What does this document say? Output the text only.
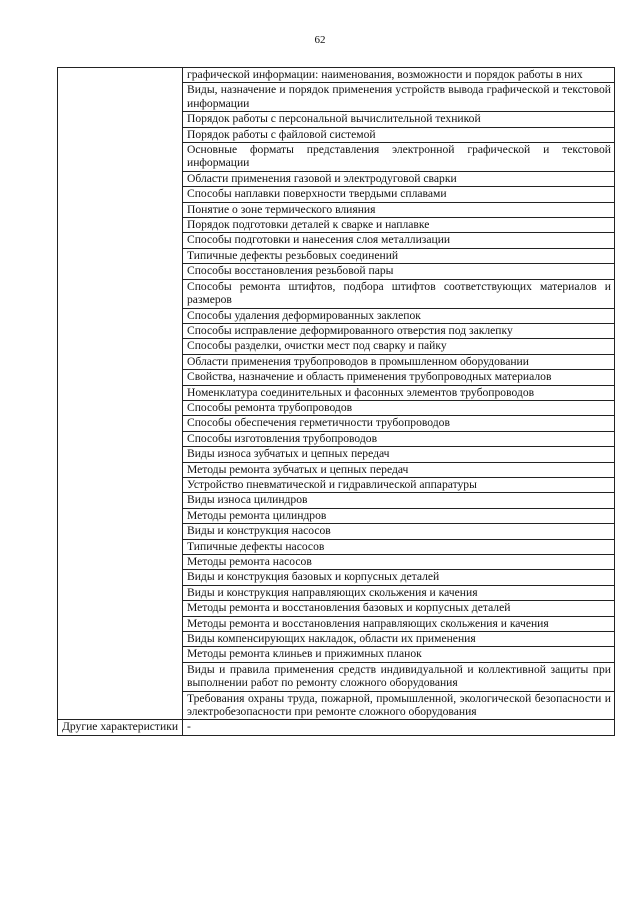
62
	графической информации: наименования, возможности и порядок работы в них
	Виды, назначение и порядок применения устройств вывода графической и текстовой информации
	Порядок работы с персональной вычислительной техникой
	Порядок работы с файловой системой
	Основные форматы представления электронной графической и текстовой информации
	Области применения газовой и электродуговой сварки
	Способы наплавки поверхности твердыми сплавами
	Понятие о зоне термического влияния
	Порядок подготовки деталей к сварке и наплавке
	Способы подготовки и нанесения слоя металлизации
	Типичные дефекты резьбовых соединений
	Способы восстановления резьбовой пары
	Способы ремонта штифтов, подбора штифтов соответствующих материалов и размеров
	Способы удаления деформированных заклепок
	Способы исправление деформированного отверстия под заклепку
	Способы разделки, очистки мест под сварку и пайку
	Области применения трубопроводов в промышленном оборудовании
	Свойства, назначение и область применения трубопроводных материалов
	Номенклатура соединительных и фасонных элементов трубопроводов
	Способы ремонта трубопроводов
	Способы обеспечения герметичности трубопроводов
	Способы изготовления трубопроводов
	Виды износа зубчатых и цепных передач
	Методы ремонта зубчатых и цепных передач
	Устройство пневматической и гидравлической аппаратуры
	Виды износа цилиндров
	Методы ремонта цилиндров
	Виды и конструкция насосов
	Типичные дефекты насосов
	Методы ремонта насосов
	Виды и конструкция базовых и корпусных деталей
	Виды и конструкция направляющих скольжения и качения
	Методы ремонта и восстановления базовых и корпусных деталей
	Методы ремонта и восстановления направляющих скольжения и качения
	Виды компенсирующих накладок, области их применения
	Методы ремонта клиньев и прижимных планок
	Виды и правила применения средств индивидуальной и коллективной защиты при выполнении работ по ремонту сложного оборудования
	Требования охраны труда, пожарной, промышленной, экологической безопасности и электробезопасности при ремонте сложного оборудования
Другие характеристики	-
